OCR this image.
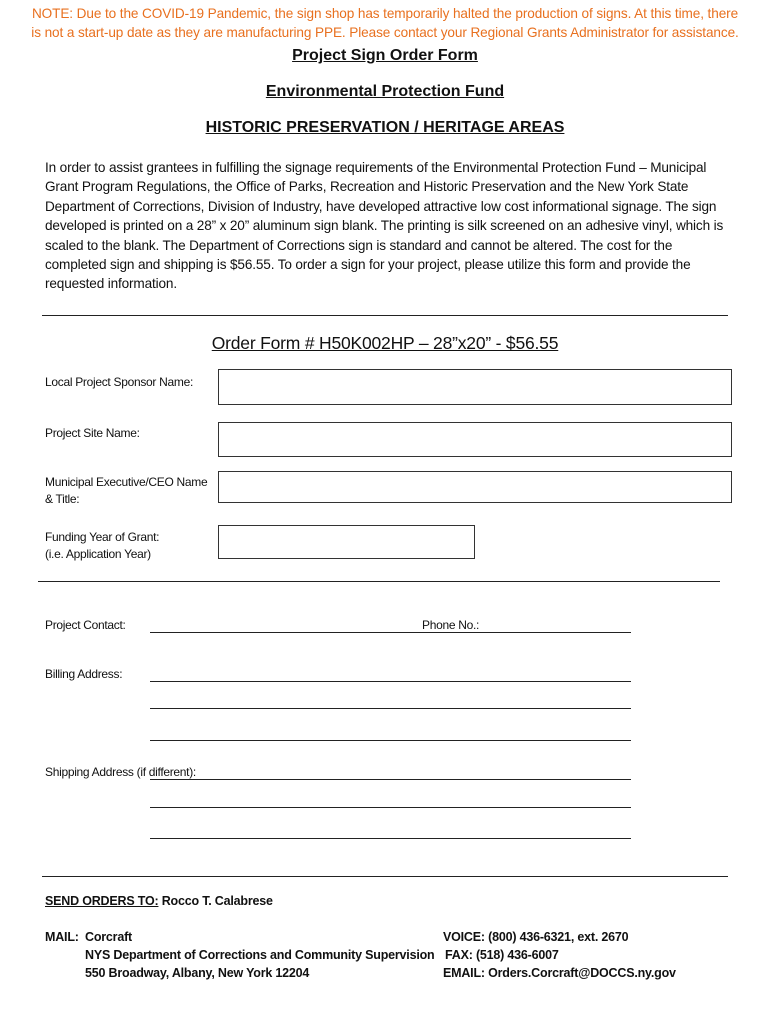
NOTE: Due to the COVID-19 Pandemic, the sign shop has temporarily halted the production of signs. At this time, there
is not a start-up date as they are manufacturing PPE. Please contact your Regional Grants Administrator for assistance.
Project Sign Order Form
Environmental Protection Fund
HISTORIC PRESERVATION / HERITAGE AREAS
In order to assist grantees in fulfilling the signage requirements of the Environmental Protection Fund – Municipal Grant Program Regulations, the Office of Parks, Recreation and Historic Preservation and the New York State Department of Corrections, Division of Industry, have developed attractive low cost informational signage. The sign developed is printed on a 28” x 20” aluminum sign blank. The printing is silk screened on an adhesive vinyl, which is scaled to the blank. The Department of Corrections sign is standard and cannot be altered. The cost for the completed sign and shipping is $56.55. To order a sign for your project, please utilize this form and provide the requested information.
Order Form # H50K002HP – 28”x20” - $56.55
Local Project Sponsor Name:
Project Site Name:
Municipal Executive/CEO Name
& Title:
Funding Year of Grant:
(i.e. Application Year)
Project Contact:	Phone No.:
Billing Address:
Shipping Address (if different):
SEND ORDERS TO: Rocco T. Calabrese
MAIL: Corcraft
NYS Department of Corrections and Community Supervision
550 Broadway, Albany, New York 12204
VOICE: (800) 436-6321, ext. 2670
FAX: (518) 436-6007
EMAIL: Orders.Corcraft@DOCCS.ny.gov
